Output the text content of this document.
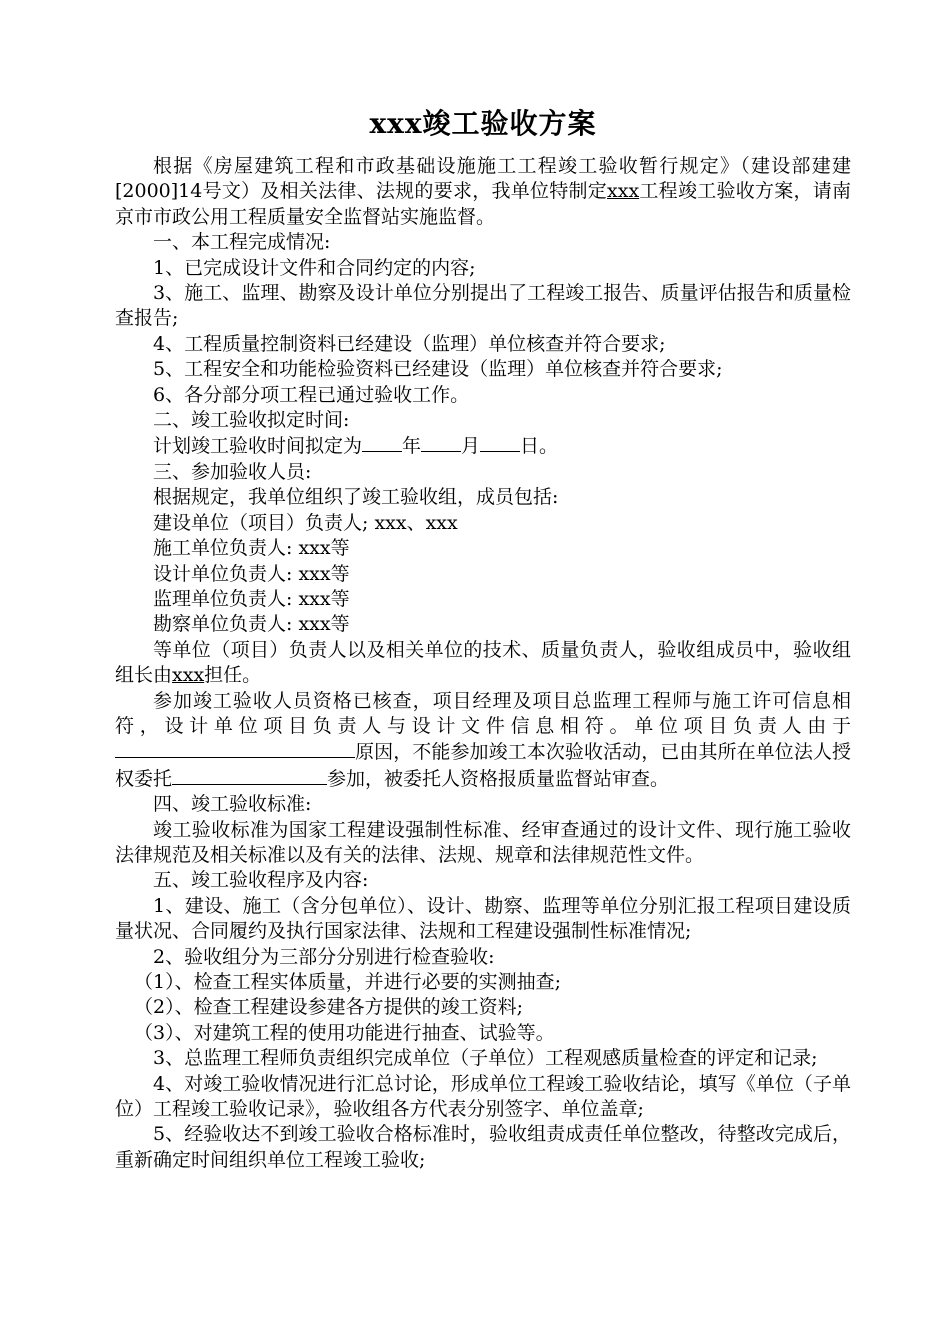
xxx竣工验收方案

根据《房屋建筑工程和市政基础设施施工工程竣工验收暂行规定》（建设部建建[2000]14号文）及相关法律、法规的要求，我单位特制定xxx工程竣工验收方案，请南京市市政公用工程质量安全监督站实施监督。

一、本工程完成情况:

1、已完成设计文件和合同约定的内容;

3、施工、监理、勘察及设计单位分别提出了工程竣工报告、质量评估报告和质量检查报告;

4、工程质量控制资料已经建设（监理）单位核查并符合要求;

5、工程安全和功能检验资料已经建设（监理）单位核查并符合要求;

6、各分部分项工程已通过验收工作。

二、竣工验收拟定时间:

计划竣工验收时间拟定为 年 月 日。

三、参加验收人员:

根据规定，我单位组织了竣工验收组，成员包括:

建设单位（项目）负责人; xxx、xxx

施工单位负责人: xxx等

设计单位负责人: xxx等

监理单位负责人: xxx等

勘察单位负责人: xxx等

等单位（项目）负责人以及相关单位的技术、质量负责人，验收组成员中，验收组组长由xxx担任。

参加竣工验收人员资格已核查，项目经理及项目总监理工程师与施工许可信息相符，设计单位项目负责人与设计文件信息相符。单位项目负责人由于原因，不能参加竣工本次验收活动，已由其所在单位法人授权委托	参加，被委托人资格报质量监督站审查。

四、竣工验收标准:

竣工验收标准为国家工程建设强制性标准、经审查通过的设计文件、现行施工验收法律规范及相关标准以及有关的法律、法规、规章和法律规范性文件。

五、竣工验收程序及内容:

1、建设、施工（含分包单位）、设计、勘察、监理等单位分别汇报工程项目建设质量状况、合同履约及执行国家法律、法规和工程建设强制性标准情况;

2、验收组分为三部分分别进行检查验收:

（1）、检查工程实体质量，并进行必要的实测抽查;

（2）、检查工程建设参建各方提供的竣工资料;

（3）、对建筑工程的使用功能进行抽查、试验等。

3、总监理工程师负责组织完成单位（子单位）工程观感质量检查的评定和记录;

4、对竣工验收情况进行汇总讨论，形成单位工程竣工验收结论，填写《单位（子单位）工程竣工验收记录》，验收组各方代表分别签字、单位盖章;

5、经验收达不到竣工验收合格标准时，验收组责成责任单位整改，待整改完成后，重新确定时间组织单位工程竣工验收;
